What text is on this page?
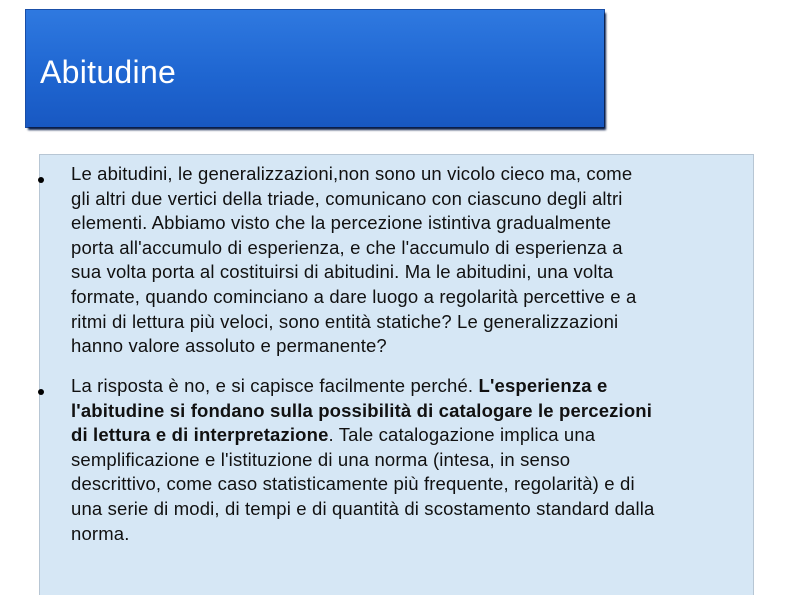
Abitudine
Le abitudini, le generalizzazioni,non sono un vicolo cieco ma, come
gli altri due vertici della triade, comunicano con ciascuno degli altri
elementi. Abbiamo visto che la percezione istintiva gradualmente
porta all'accumulo di esperienza, e che l'accumulo di esperienza a
sua volta porta al costituirsi di abitudini. Ma le abitudini, una volta
formate, quando cominciano a dare luogo a regolarità percettive e a
ritmi di lettura più veloci, sono entità statiche? Le generalizzazioni
hanno valore assoluto e permanente?
La risposta è no, e si capisce facilmente perché. L'esperienza e
l'abitudine si fondano sulla possibilità di catalogare le percezioni
di lettura e di interpretazione. Tale catalogazione implica una
semplificazione e l'istituzione di una norma (intesa, in senso
descrittivo, come caso statisticamente più frequente, regolarità) e di
una serie di modi, di tempi e di quantità di scostamento standard dalla
norma.
